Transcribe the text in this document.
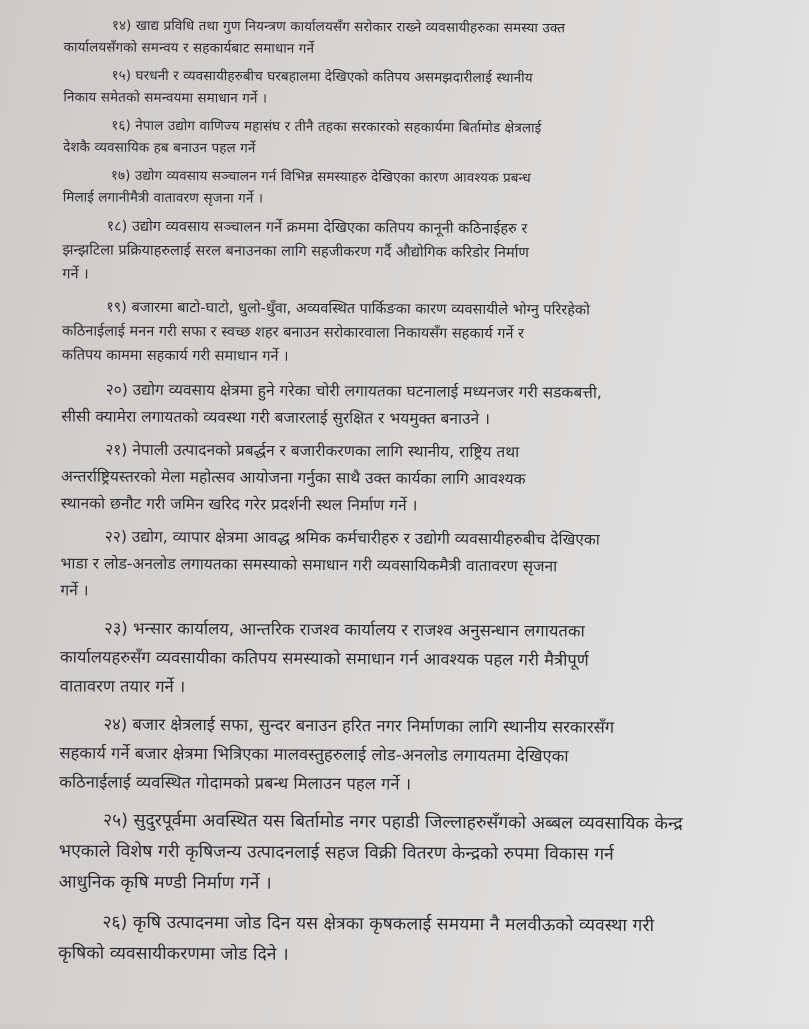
१४) खाद्य प्रविधि तथा गुण नियन्त्रण कार्यालयसँग सरोकार राख्ने व्यवसायीहरुका समस्या उक्त
कार्यालयसँगको समन्वय र सहकार्यबाट समाधान गर्ने
१५) घरधनी र व्यवसायीहरुबीच घरबहालमा देखिएको कतिपय असमझदारीलाई स्थानीय
निकाय समेतको समन्वयमा समाधान गर्ने ।
१६) नेपाल उद्योग वाणिज्य महासंघ र तीनै तहका सरकारको सहकार्यमा बिर्तामोड क्षेत्रलाई
देशकै व्यवसायिक हब बनाउन पहल गर्ने
१७) उद्योग व्यवसाय सञ्चालन गर्न विभिन्न समस्याहरु देखिएका कारण आवश्यक प्रबन्ध
मिलाई लगानीमैत्री वातावरण सृजना गर्ने ।
१८) उद्योग व्यवसाय सञ्चालन गर्ने क्रममा देखिएका कतिपय कानूनी कठिनाईहरु र
झन्झटिला प्रक्रियाहरुलाई सरल बनाउनका लागि सहजीकरण गर्दै औद्योगिक करिडोर निर्माण
गर्ने ।
१९) बजारमा बाटो-घाटो, धुलो-धुँवा, अव्यवस्थित पार्किङका कारण व्यवसायीले भोग्नु परिरहेको
कठिनाईलाई मनन गरी सफा र स्वच्छ शहर बनाउन सरोकारवाला निकायसँग सहकार्य गर्ने र
कतिपय काममा सहकार्य गरी समाधान गर्ने ।
२०) उद्योग व्यवसाय क्षेत्रमा हुने गरेका चोरी लगायतका घटनालाई मध्यनजर गरी सडकबत्ती,
सीसी क्यामेरा लगायतको व्यवस्था गरी बजारलाई सुरक्षित र भयमुक्त बनाउने ।
२१) नेपाली उत्पादनको प्रबर्द्धन र बजारीकरणका लागि स्थानीय, राष्ट्रिय तथा
अन्तर्राष्ट्रियस्तरको मेला महोत्सव आयोजना गर्नुका साथै उक्त कार्यका लागि आवश्यक
स्थानको छनौट गरी जमिन खरिद गरेर प्रदर्शनी स्थल निर्माण गर्ने ।
२२) उद्योग, व्यापार क्षेत्रमा आवद्ध श्रमिक कर्मचारीहरु र उद्योगी व्यवसायीहरुबीच देखिएका
भाडा र लोड-अनलोड लगायतका समस्याको समाधान गरी व्यवसायिकमैत्री वातावरण सृजना
गर्ने ।
२३) भन्सार कार्यालय, आन्तरिक राजश्व कार्यालय र राजश्व अनुसन्धान लगायतका
कार्यालयहरुसँग व्यवसायीका कतिपय समस्याको समाधान गर्न आवश्यक पहल गरी मैत्रीपूर्ण
वातावरण तयार गर्ने ।
२४) बजार क्षेत्रलाई सफा, सुन्दर बनाउन हरित नगर निर्माणका लागि स्थानीय सरकारसँग
सहकार्य गर्ने बजार क्षेत्रमा भित्रिएका मालवस्तुहरुलाई लोड-अनलोड लगायतमा देखिएका
कठिनाईलाई व्यवस्थित गोदामको प्रबन्ध मिलाउन पहल गर्ने ।
२५) सुदुरपूर्वमा अवस्थित यस बिर्तामोड नगर पहाडी जिल्लाहरुसँगको अब्बल व्यवसायिक केन्द्र
भएकाले विशेष गरी कृषिजन्य उत्पादनलाई सहज विक्री वितरण केन्द्रको रुपमा विकास गर्न
आधुनिक कृषि मण्डी निर्माण गर्ने ।
२६) कृषि उत्पादनमा जोड दिन यस क्षेत्रका कृषकलाई समयमा नै मलवीऊको व्यवस्था गरी
कृषिको व्यवसायीकरणमा जोड दिने ।
